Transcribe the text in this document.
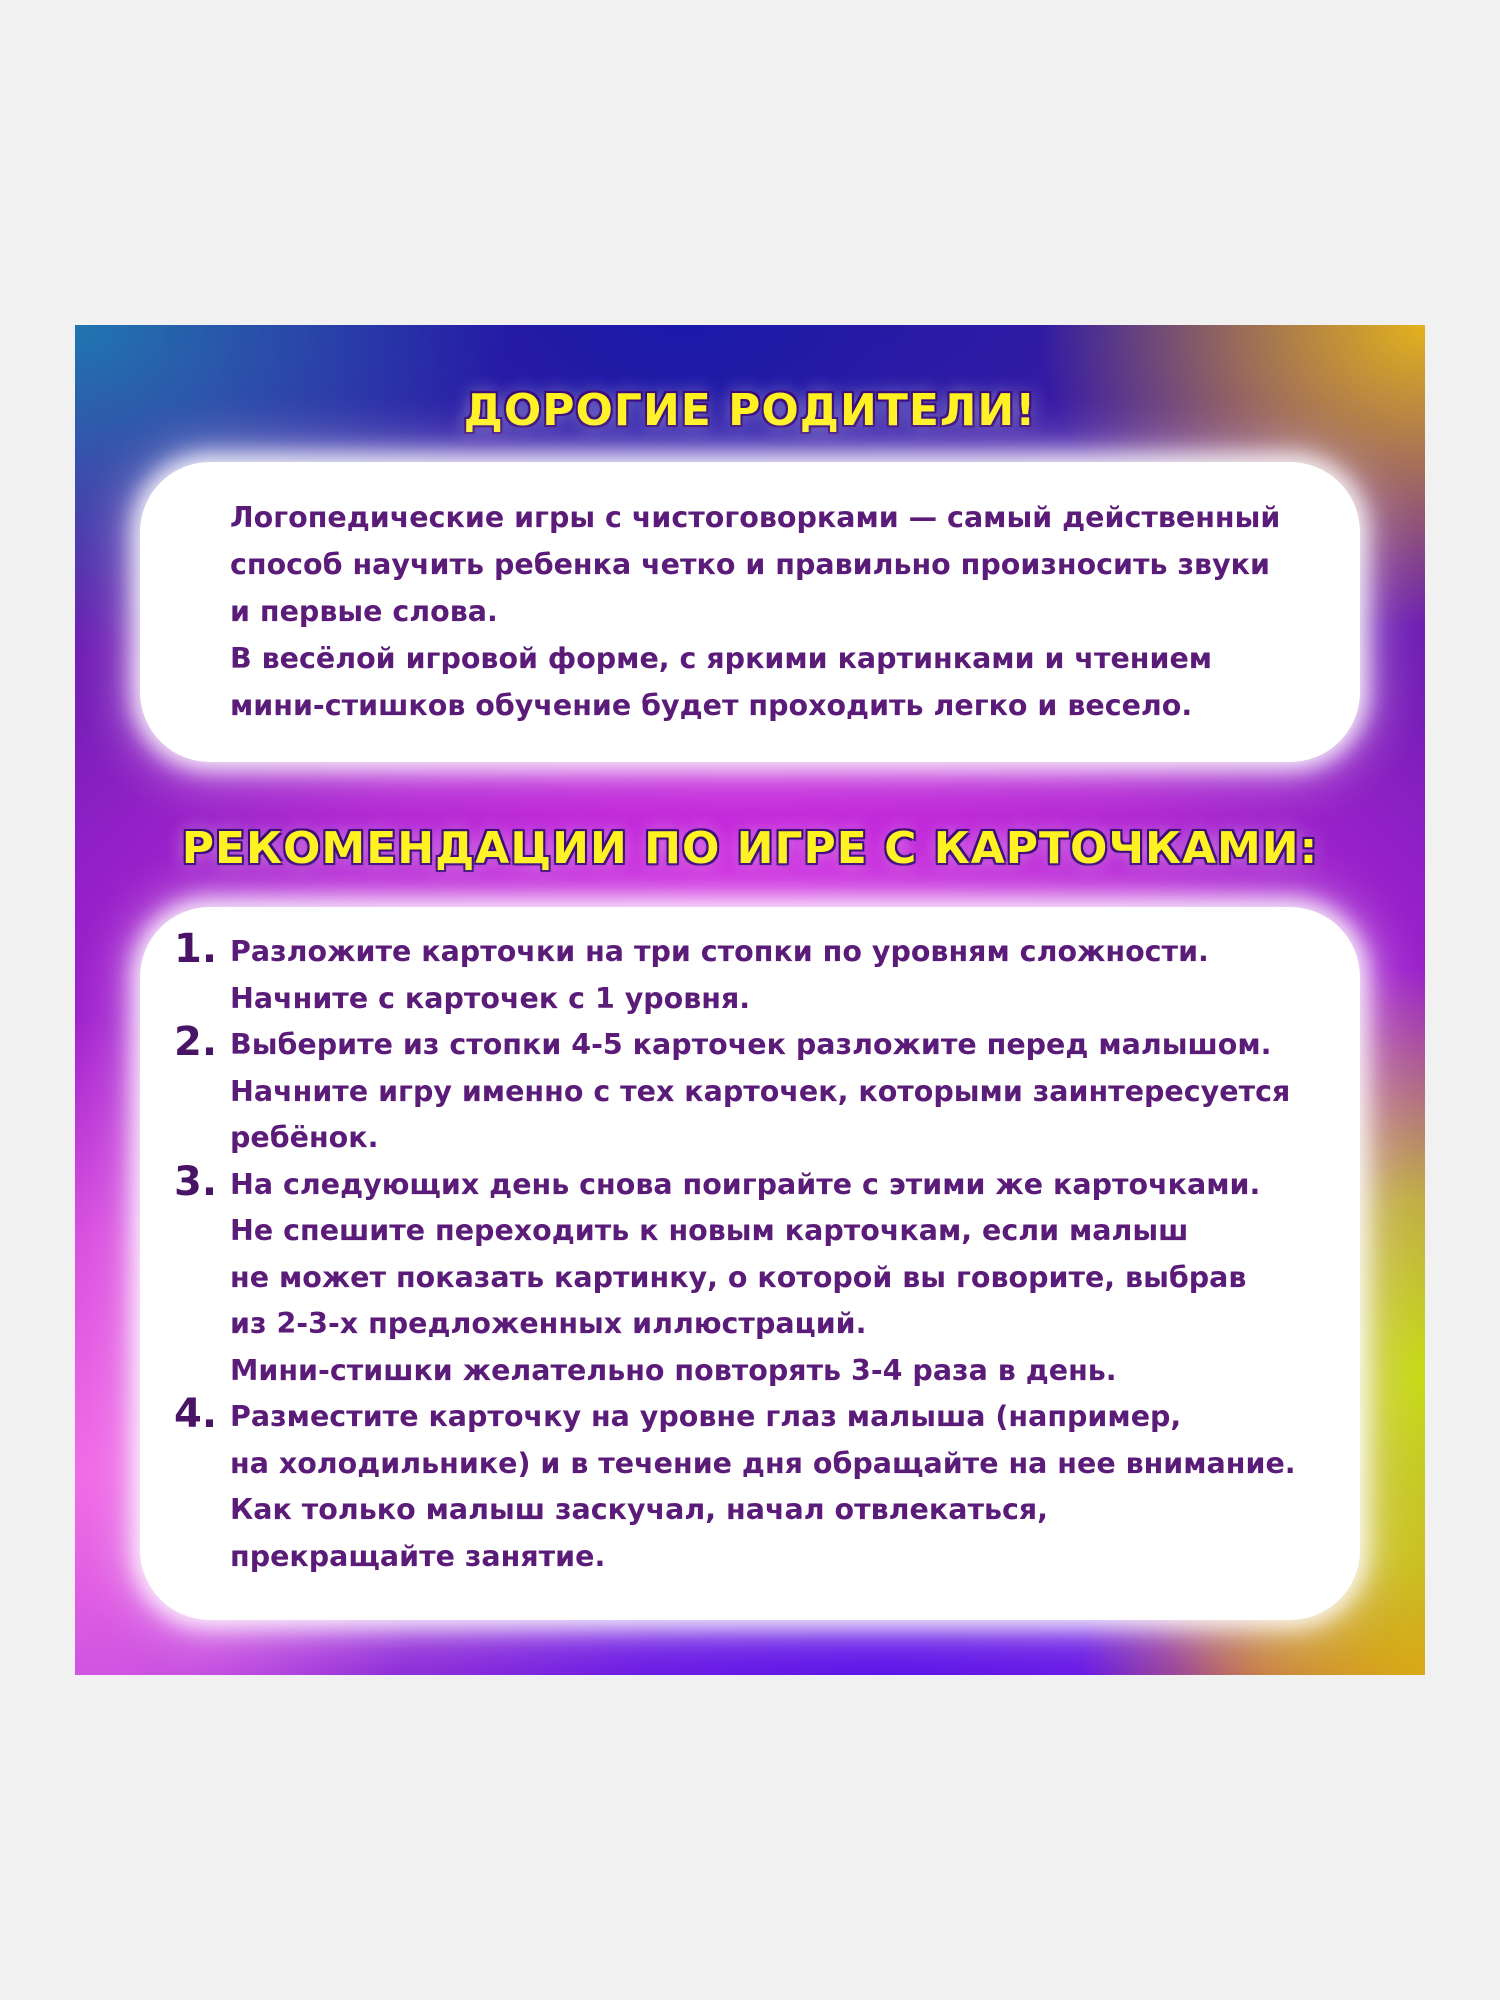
ДОРОГИЕ РОДИТЕЛИ!

Логопедические игры с чистоговорками — самый действенный

способ научить ребенка четко и правильно произносить звуки

и первые слова.

В весёлой игровой форме, с яркими картинками и чтением

мини-стишков обучение будет проходить легко и весело.

РЕКОМЕНДАЦИИ ПО ИГРЕ С КАРТОЧКАМИ:
1. Разложите карточки на три стопки по уровням сложности.
Начните с карточек с 1 уровня.
2. Выберите из стопки 4-5 карточек разложите перед малышом.
Начните игру именно с тех карточек, которыми заинтересуется
ребёнок.
3. На следующих день снова поиграйте с этими же карточками.
Не спешите переходить к новым карточкам, если малыш
не может показать картинку, о которой вы говорите, выбрав
из 2-3-х предложенных иллюстраций.
Мини-стишки желательно повторять 3-4 раза в день.
4. Разместите карточку на уровне глаз малыша (например,
на холодильнике) и в течение дня обращайте на нее внимание.
Как только малыш заскучал, начал отвлекаться,
прекращайте занятие.
